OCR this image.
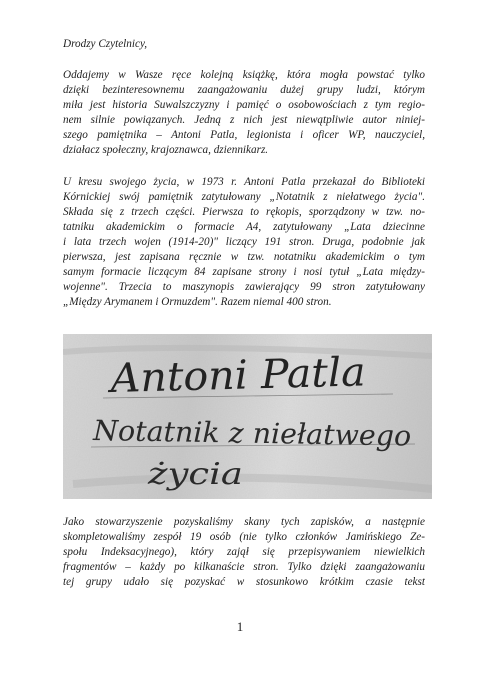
Drodzy Czytelnicy,
Oddajemy w Wasze ręce kolejną książkę, która mogła powstać tylko
dzięki bezinteresownemu zaangażowaniu dużej grupy ludzi, którym
miła jest historia Suwalszczyzny i pamięć o osobowościach z tym regio-
nem silnie powiązanych. Jedną z nich jest niewątpliwie autor niniej-
szego pamiętnika – Antoni Patla, legionista i oficer WP, nauczyciel,
działacz społeczny, krajoznawca, dziennikarz.
U kresu swojego życia, w 1973 r. Antoni Patla przekazał do Biblioteki
Kórnickiej swój pamiętnik zatytułowany „Notatnik z niełatwego życia".
Składa się z trzech części. Pierwsza to rękopis, sporządzony w tzw. no-
tatniku akademickim o formacie A4, zatytułowany „Lata dziecinne
i lata trzech wojen (1914-20)" liczący 191 stron. Druga, podobnie jak
pierwsza, jest zapisana ręcznie w tzw. notatniku akademickim o tym
samym formacie liczącym 84 zapisane strony i nosi tytuł „Lata między-
wojenne". Trzecia to maszynopis zawierający 99 stron zatytułowany
„Między Arymanem i Ormuzdem". Razem niemal 400 stron.
Antoni Patla
Notatnik z niełatwego
życia
Jako stowarzyszenie pozyskaliśmy skany tych zapisków, a następnie
skompletowaliśmy zespół 19 osób (nie tylko członków Jamińskiego Ze-
społu Indeksacyjnego), który zajął się przepisywaniem niewielkich
fragmentów – każdy po kilkanaście stron. Tylko dzięki zaangażowaniu
tej grupy udało się pozyskać w stosunkowo krótkim czasie tekst
1
